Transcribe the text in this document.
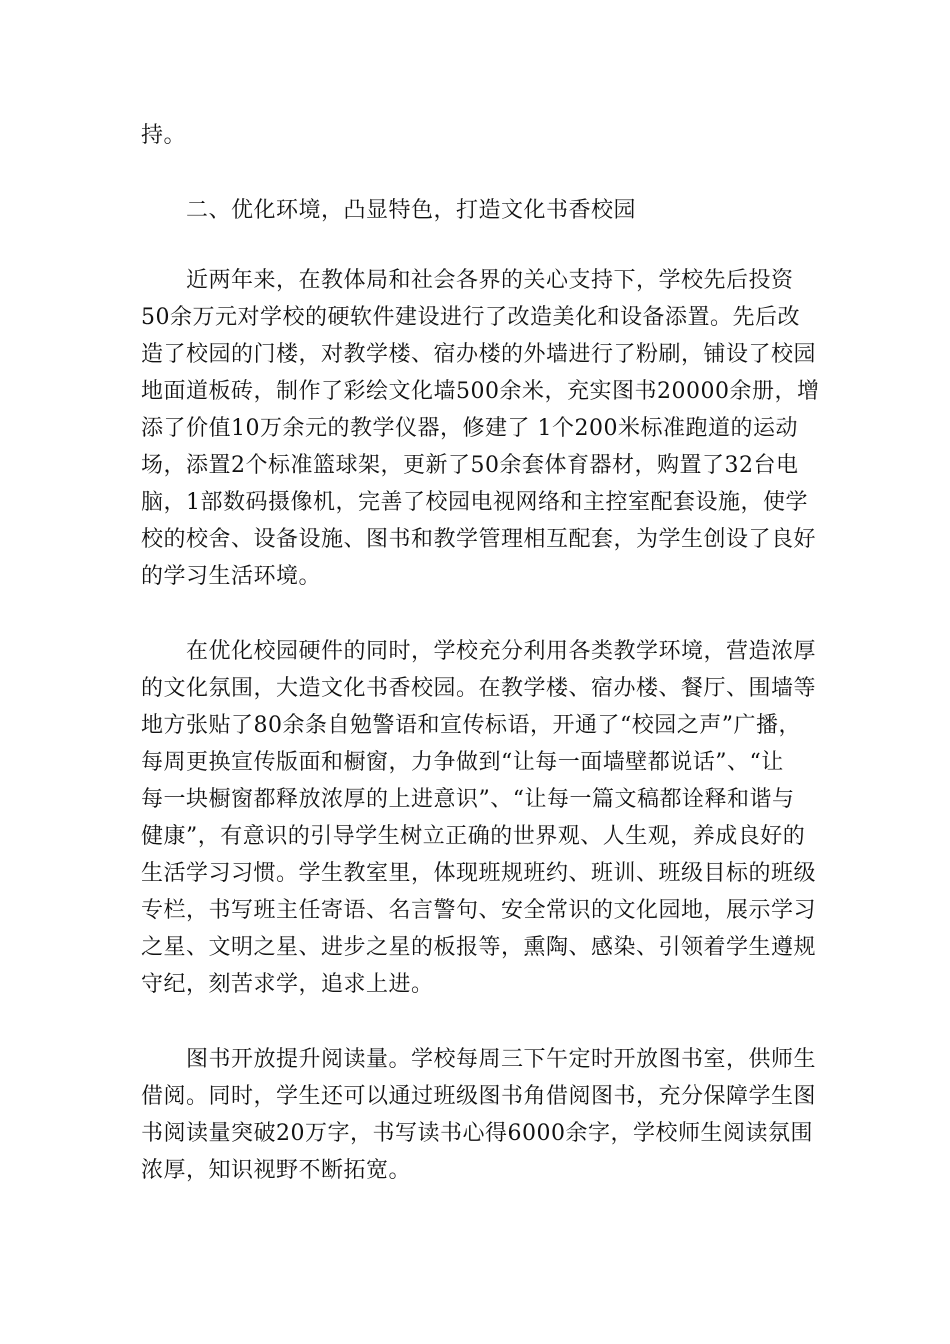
持。

二、优化环境，凸显特色，打造文化书香校园

近两年来，在教体局和社会各界的关心支持下，学校先后投资
50余万元对学校的硬软件建设进行了改造美化和设备添置。先后改
造了校园的门楼，对教学楼、宿办楼的外墙进行了粉刷，铺设了校园
地面道板砖，制作了彩绘文化墙500余米，充实图书20000余册，增
添了价值10万余元的教学仪器，修建了 1个200米标准跑道的运动
场，添置2个标准篮球架，更新了50余套体育器材，购置了32台电
脑，1部数码摄像机，完善了校园电视网络和主控室配套设施，使学
校的校舍、设备设施、图书和教学管理相互配套，为学生创设了良好
的学习生活环境。

在优化校园硬件的同时，学校充分利用各类教学环境，营造浓厚
的文化氛围，大造文化书香校园。在教学楼、宿办楼、餐厅、围墙等
地方张贴了80余条自勉警语和宣传标语，开通了“校园之声”广播，
每周更换宣传版面和橱窗，力争做到“让每一面墙壁都说话”、“让
每一块橱窗都释放浓厚的上进意识”、“让每一篇文稿都诠释和谐与
健康”，有意识的引导学生树立正确的世界观、人生观，养成良好的
生活学习习惯。学生教室里，体现班规班约、班训、班级目标的班级
专栏，书写班主任寄语、名言警句、安全常识的文化园地，展示学习
之星、文明之星、进步之星的板报等，熏陶、感染、引领着学生遵规
守纪，刻苦求学，追求上进。

图书开放提升阅读量。学校每周三下午定时开放图书室，供师生
借阅。同时，学生还可以通过班级图书角借阅图书，充分保障学生图
书阅读量突破20万字，书写读书心得6000余字，学校师生阅读氛围
浓厚，知识视野不断拓宽。
